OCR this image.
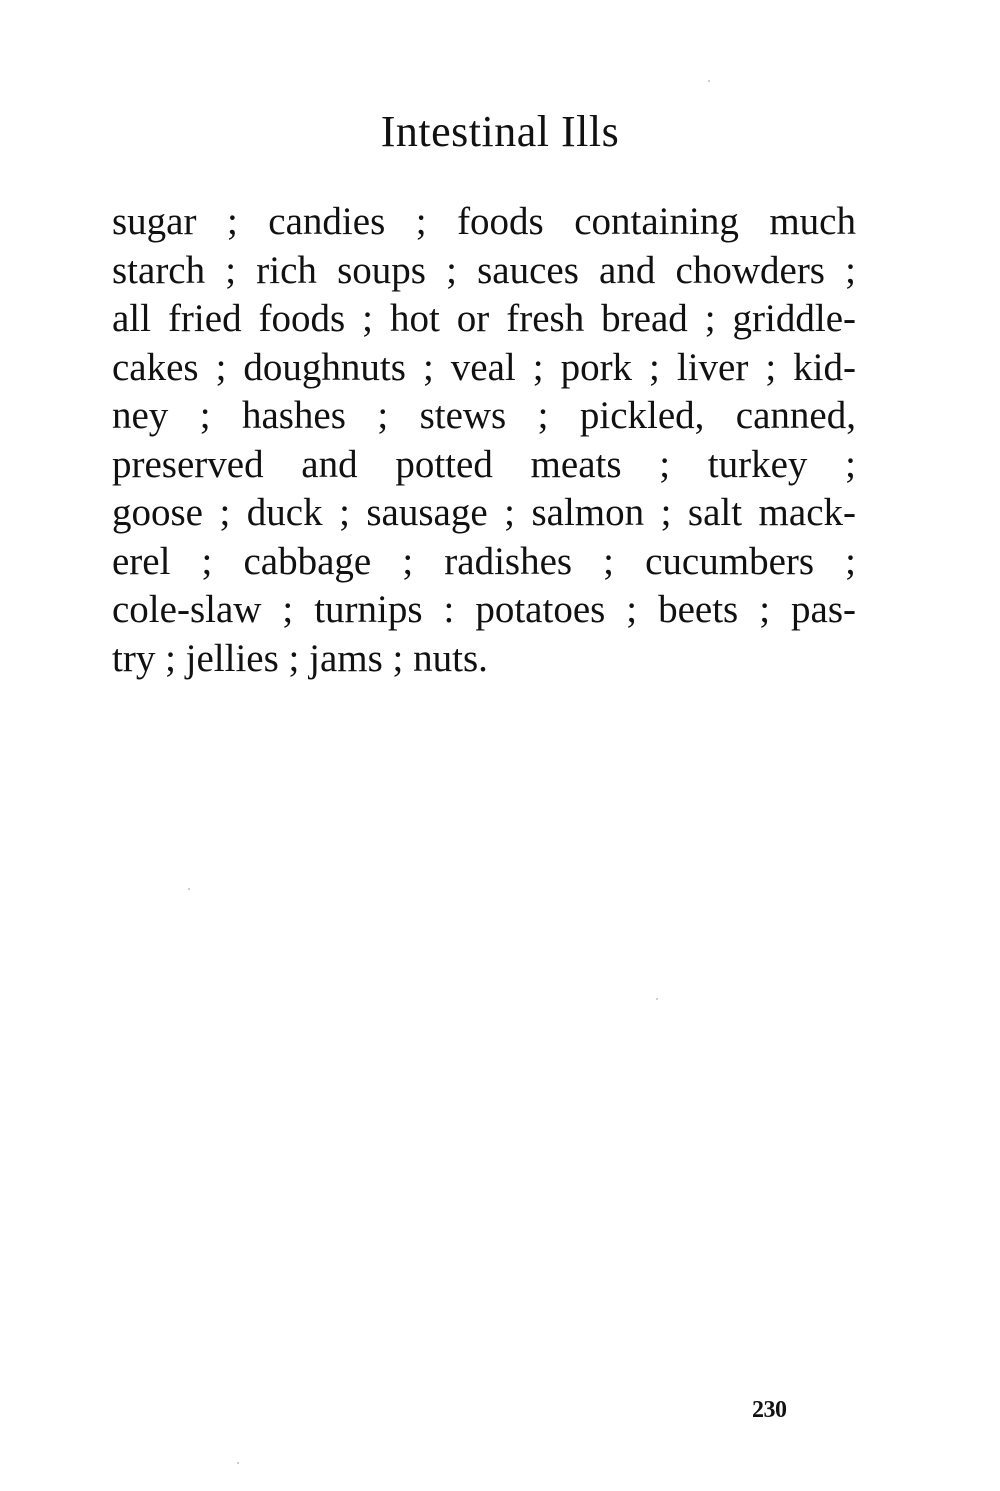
Intestinal Ills
sugar ; candies ; foods containing much
starch ; rich soups ; sauces and chowders ;
all fried foods ; hot or fresh bread ; griddle-
cakes ; doughnuts ; veal ; pork ; liver ; kid-
ney ; hashes ; stews ; pickled, canned,
preserved and potted meats ; turkey ;
goose ; duck ; sausage ; salmon ; salt mack-
erel ; cabbage ; radishes ; cucumbers ;
cole-slaw ; turnips : potatoes ; beets ; pas-
try ; jellies ; jams ; nuts.
230
